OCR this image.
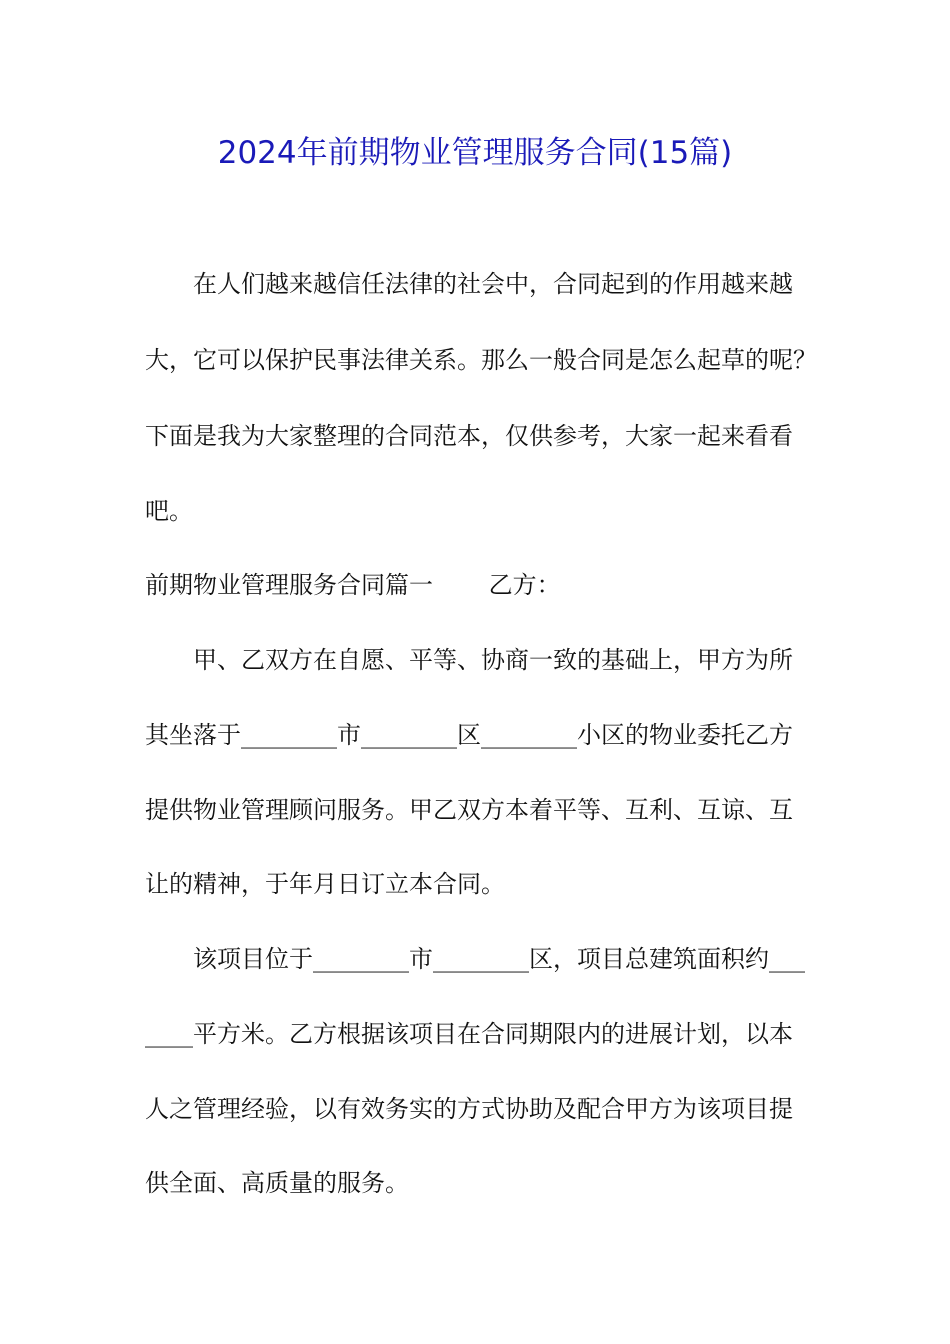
2024年前期物业管理服务合同(15篇)
在人们越来越信任法律的社会中，合同起到的作用越来越
大，它可以保护民事法律关系。那么一般合同是怎么起草的呢？
下面是我为大家整理的合同范本，仅供参考，大家一起来看看
吧。
前期物业管理服务合同篇一　　 乙方：
甲、乙双方在自愿、平等、协商一致的基础上，甲方为所
其坐落于________市________区________小区的物业委托乙方
提供物业管理顾问服务。甲乙双方本着平等、互利、互谅、互
让的精神，于年月日订立本合同。
该项目位于________市________区，项目总建筑面积约___
____平方米。乙方根据该项目在合同期限内的进展计划，以本
人之管理经验，以有效务实的方式协助及配合甲方为该项目提
供全面、高质量的服务。
